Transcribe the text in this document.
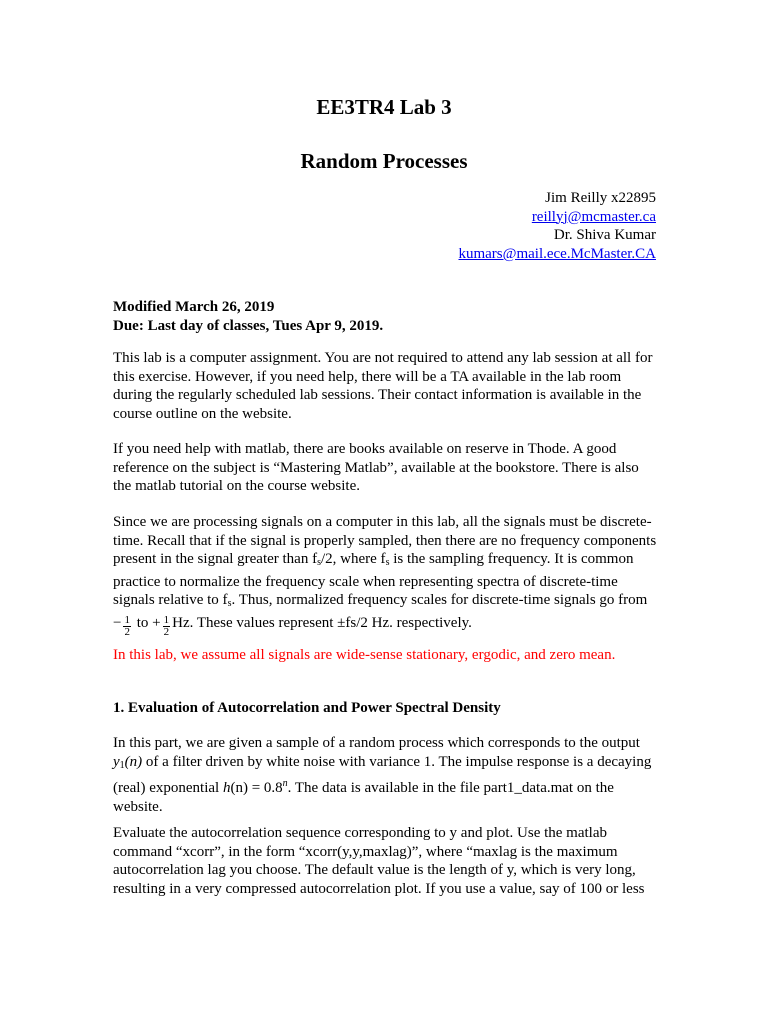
EE3TR4 Lab 3
Random Processes
Jim Reilly x22895
reillyj@mcmaster.ca
Dr. Shiva Kumar
kumars@mail.ece.McMaster.CA
Modified March 26, 2019
Due: Last day of classes, Tues Apr 9, 2019.

This lab is a computer assignment. You are not required to attend any lab session at all for this exercise. However, if you need help, there will be a TA available in the lab room during the regularly scheduled lab sessions. Their contact information is available in the course outline on the website.

If you need help with matlab, there are books available on reserve in Thode. A good reference on the subject is “Mastering Matlab”, available at the bookstore. There is also the matlab tutorial on the course website.

Since we are processing signals on a computer in this lab, all the signals must be discrete-time. Recall that if the signal is properly sampled, then there are no frequency components present in the signal greater than $f_s/2$, where $f_s$ is the sampling frequency. It is common practice to normalize the frequency scale when representing spectra of discrete-time signals relative to $f_s$. Thus, normalized frequency scales for discrete-time signals go from − $\frac{1}{2}$ to + $\frac{1}{2} Hz$. These values represent ±fs/2 Hz. respectively.

In this lab, we assume all signals are wide-sense stationary, ergodic, and zero mean.

1. Evaluation of Autocorrelation and Power Spectral Density

In this part, we are given a sample of a random process which corresponds to the output $y_1(n)$ of a filter driven by white noise with variance 1. The impulse response is a decaying (real) exponential $h(n) = 0.8^n$. The data is available in the file part1_data.mat on the website.

Evaluate the autocorrelation sequence corresponding to y and plot. Use the matlab command “xcorr”, in the form “xcorr(y,y,maxlag)”, where “maxlag is the maximum autocorrelation lag you choose. The default value is the length of y, which is very long, resulting in a very compressed autocorrelation plot. If you use a value, say of 100 or less
